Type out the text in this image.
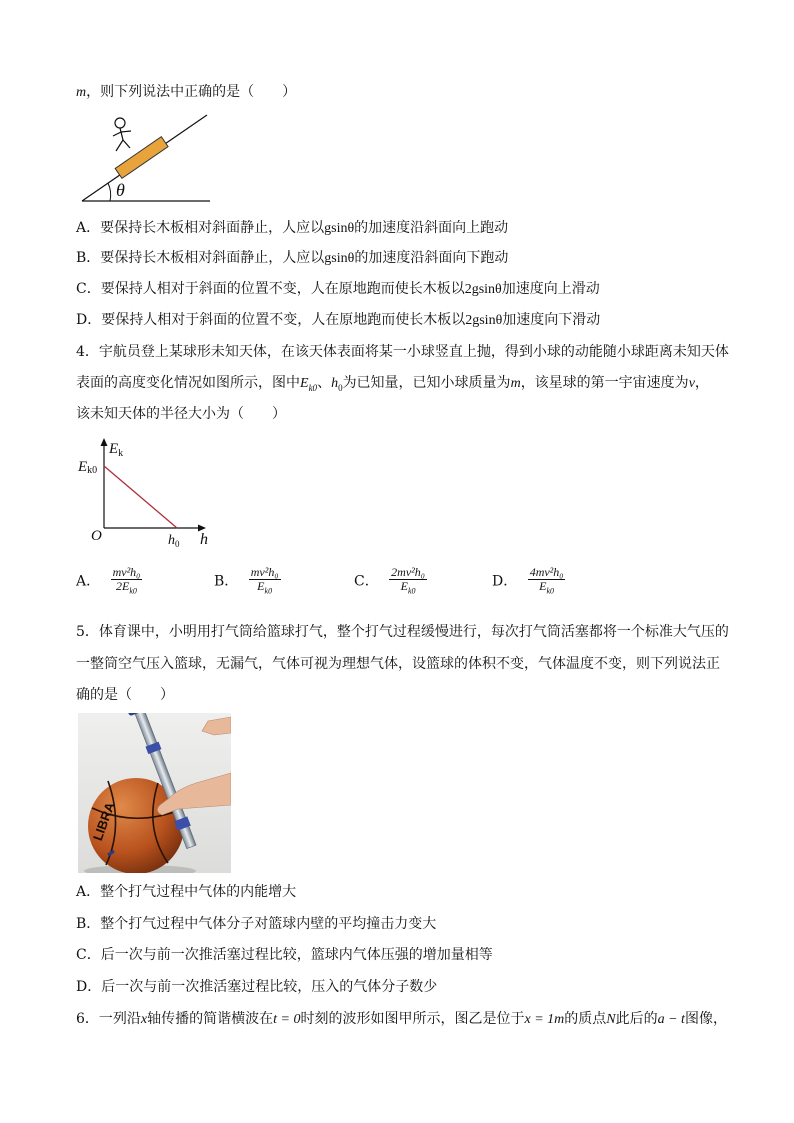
m，则下列说法中正确的是（　　）
θ
A．要保持长木板相对斜面静止，人应以gsinθ的加速度沿斜面向上跑动
B．要保持长木板相对斜面静止，人应以gsinθ的加速度沿斜面向下跑动
C．要保持人相对于斜面的位置不变，人在原地跑而使长木板以2gsinθ加速度向上滑动
D．要保持人相对于斜面的位置不变，人在原地跑而使长木板以2gsinθ加速度向下滑动
4．宇航员登上某球形未知天体，在该天体表面将某一小球竖直上抛，得到小球的动能随小球距离未知天体
表面的高度变化情况如图所示，图中$E_{k0}$、$h_0$为已知量，已知小球质量为m，该星球的第一宇宙速度为v，
该未知天体的半径大小为（　　）
$E_k$
Ek0
O	$h_0$ h
A． $\frac{\text{mv²h₀}}{2E_{k0}}$	B． $\frac{\text{mv²h₀}}{E_{k0}}$	C． $\frac{\text{2mv²h₀}}{E_{k0}}$	D． $\frac{\text{4mv²h₀}}{E_{k0}}$
5．体育课中，小明用打气筒给篮球打气，整个打气过程缓慢进行，每次打气筒活塞都将一个标准大气压的
一整筒空气压入篮球，无漏气，气体可视为理想气体，设篮球的体积不变，气体温度不变，则下列说法正
确的是（　　）
LIBRA
A．整个打气过程中气体的内能增大
B．整个打气过程中气体分子对篮球内壁的平均撞击力变大
C．后一次与前一次推活塞过程比较，篮球内气体压强的增加量相等
D．后一次与前一次推活塞过程比较，压入的气体分子数少
6．一列沿x轴传播的简谐横波在t = 0时刻的波形如图甲所示，图乙是位于x = 1m的质点N此后的a − t图像，
